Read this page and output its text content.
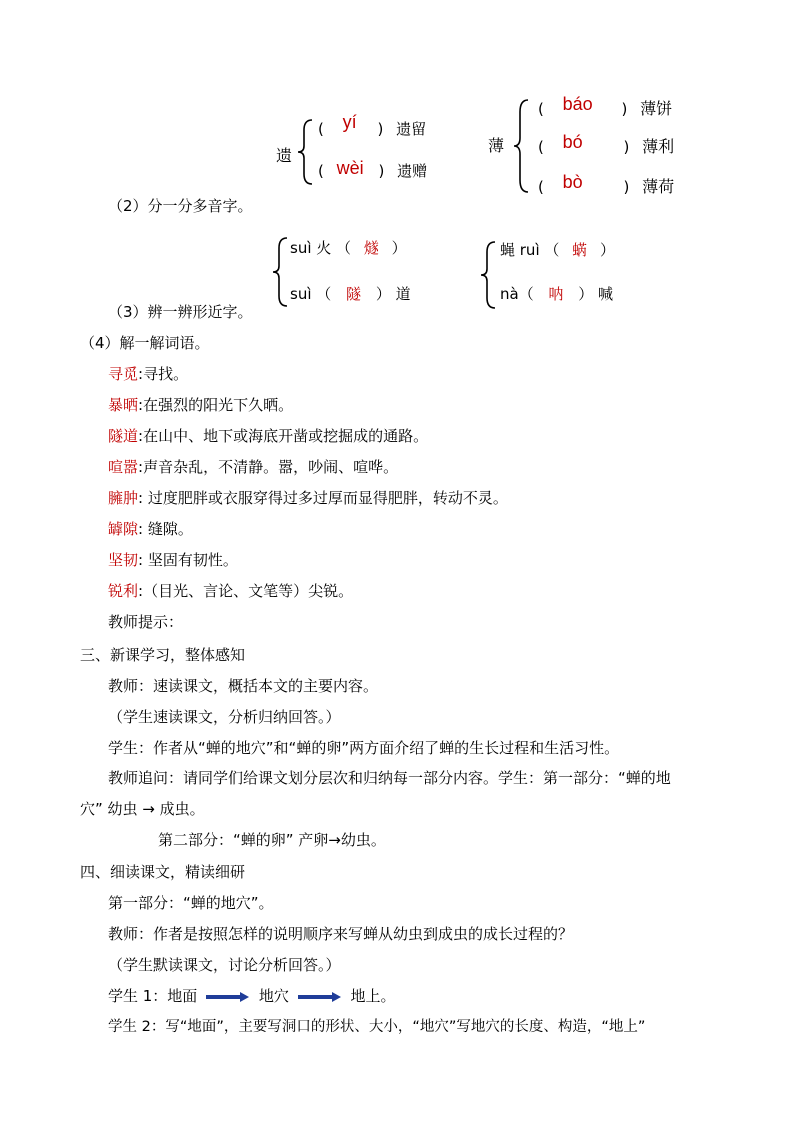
遗
( yí ) 遗留
( wèi ) 遗赠
薄
( báo ) 薄饼
( bó	) 薄利
( bò	) 薄荷
（2）分一分多音字。
suì 火 （ 燧 ）
suì （ 隧 ） 道
蝇 ruì （ 蜹 ）
nà（ 呐 ） 喊
（3）辨一辨形近字。
（4）解一解词语。
寻觅:寻找。
暴晒:在强烈的阳光下久晒。
隧道:在山中、地下或海底开凿或挖掘成的通路。
喧嚣:声音杂乱，不清静。嚣，吵闹、喧哗。
臃肿: 过度肥胖或衣服穿得过多过厚而显得肥胖，转动不灵。
罅隙: 缝隙。
坚韧: 坚固有韧性。
锐利:（目光、言论、文笔等）尖锐。
教师提示：
三、新课学习，整体感知
教师：速读课文，概括本文的主要内容。
（学生速读课文，分析归纳回答。）
学生：作者从“蝉的地穴”和“蝉的卵”两方面介绍了蝉的生长过程和生活习性。
教师追问：请同学们给课文划分层次和归纳每一部分内容。学生：第一部分：“蝉的地
穴” 幼虫 → 成虫。
第二部分：“蝉的卵” 产卵→幼虫。
四、细读课文，精读细研
第一部分：“蝉的地穴”。
教师：作者是按照怎样的说明顺序来写蝉从幼虫到成虫的成长过程的？
（学生默读课文，讨论分析回答。）
学生 1：地面	地穴	地上。
学生 2：写“地面”，主要写洞口的形状、大小，“地穴”写地穴的长度、构造，“地上”
